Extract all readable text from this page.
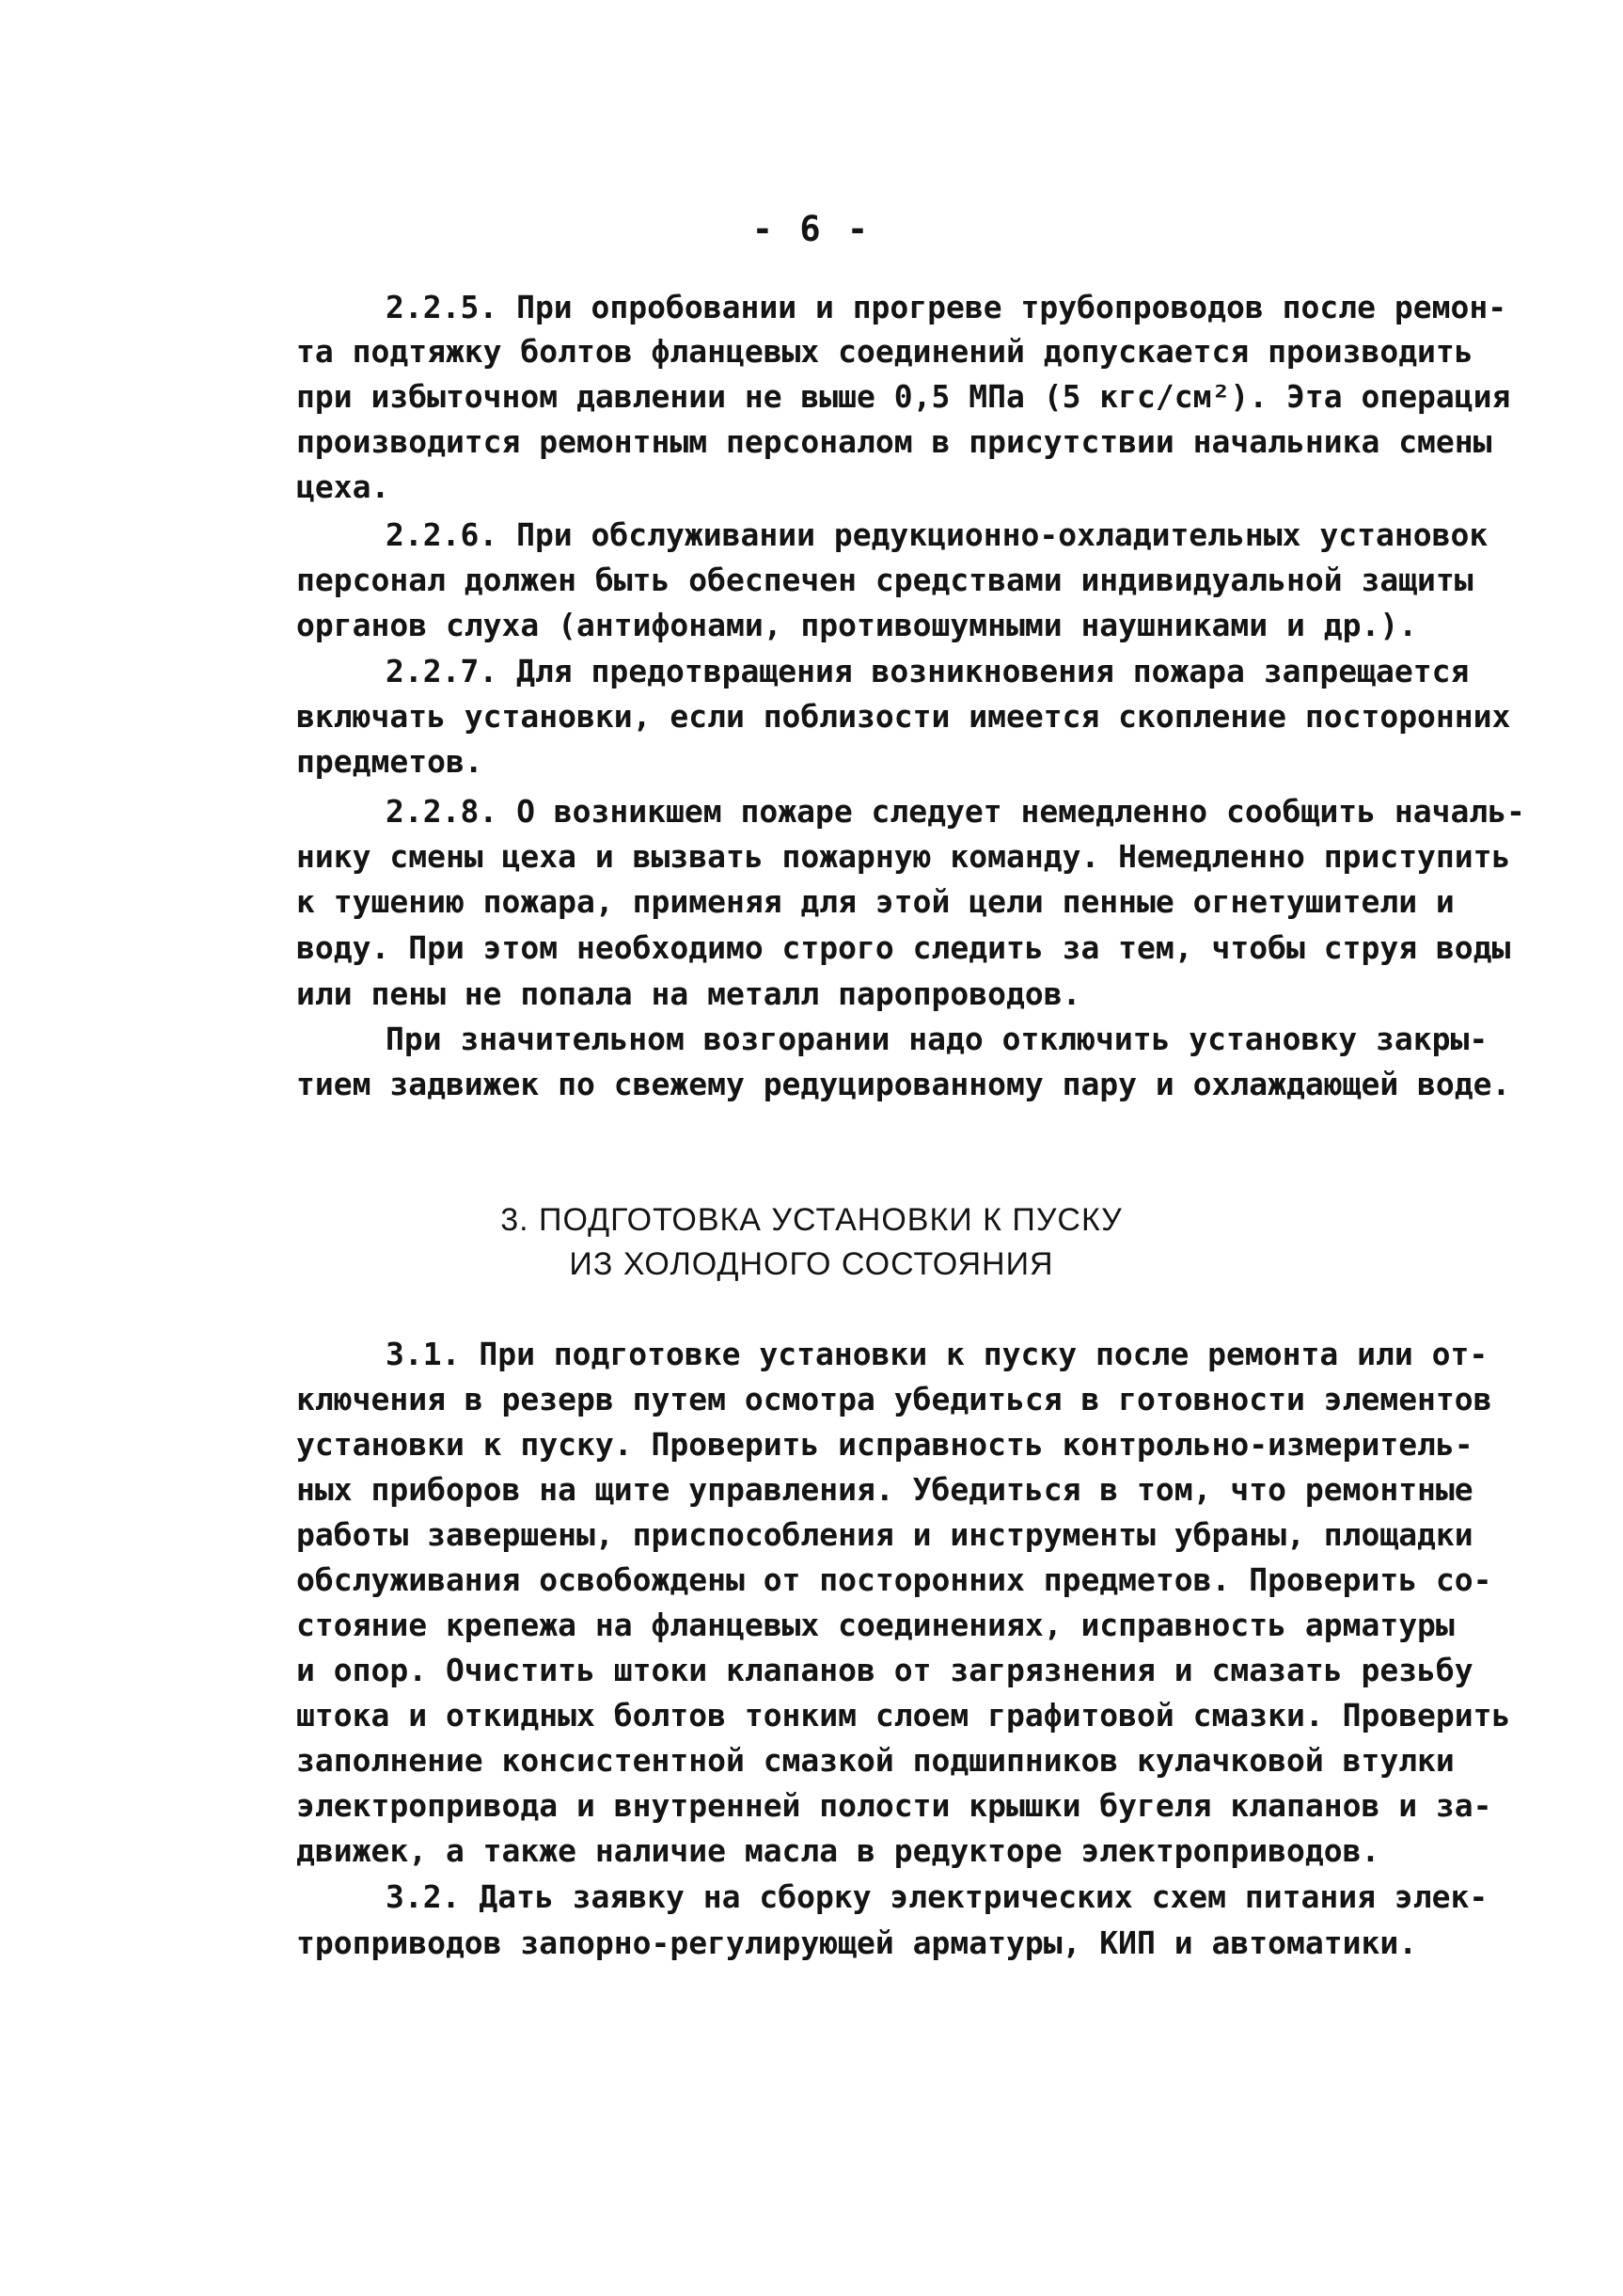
- 6 -
2.2.5. При опробовании и прогреве трубопроводов после ремон-
та подтяжку болтов фланцевых соединений допускается производить
при избыточном давлении не выше 0,5 МПа (5 кгс/см²). Эта операция
производится ремонтным персоналом в присутствии начальника смены
цеха.
2.2.6. При обслуживании редукционно-охладительных установок
персонал должен быть обеспечен средствами индивидуальной защиты
органов слуха (антифонами, противошумными наушниками и др.).
2.2.7. Для предотвращения возникновения пожара запрещается
включать установки, если поблизости имеется скопление посторонних
предметов.
2.2.8. О возникшем пожаре следует немедленно сообщить началь-
нику смены цеха и вызвать пожарную команду. Немедленно приступить
к тушению пожара, применяя для этой цели пенные огнетушители и
воду. При этом необходимо строго следить за тем, чтобы струя воды
или пены не попала на металл паропроводов.
При значительном возгорании надо отключить установку закры-
тием задвижек по свежему редуцированному пару и охлаждающей воде.
3. ПОДГОТОВКА УСТАНОВКИ К ПУСКУ
ИЗ ХОЛОДНОГО СОСТОЯНИЯ
3.1. При подготовке установки к пуску после ремонта или от-
ключения в резерв путем осмотра убедиться в готовности элементов
установки к пуску. Проверить исправность контрольно-измеритель-
ных приборов на щите управления. Убедиться в том, что ремонтные
работы завершены, приспособления и инструменты убраны, площадки
обслуживания освобождены от посторонних предметов. Проверить со-
стояние крепежа на фланцевых соединениях, исправность арматуры
и опор. Очистить штоки клапанов от загрязнения и смазать резьбу
штока и откидных болтов тонким слоем графитовой смазки. Проверить
заполнение консистентной смазкой подшипников кулачковой втулки
электропривода и внутренней полости крышки бугеля клапанов и за-
движек, а также наличие масла в редукторе электроприводов.
3.2. Дать заявку на сборку электрических схем питания элек-
троприводов запорно-регулирующей арматуры, КИП и автоматики.
